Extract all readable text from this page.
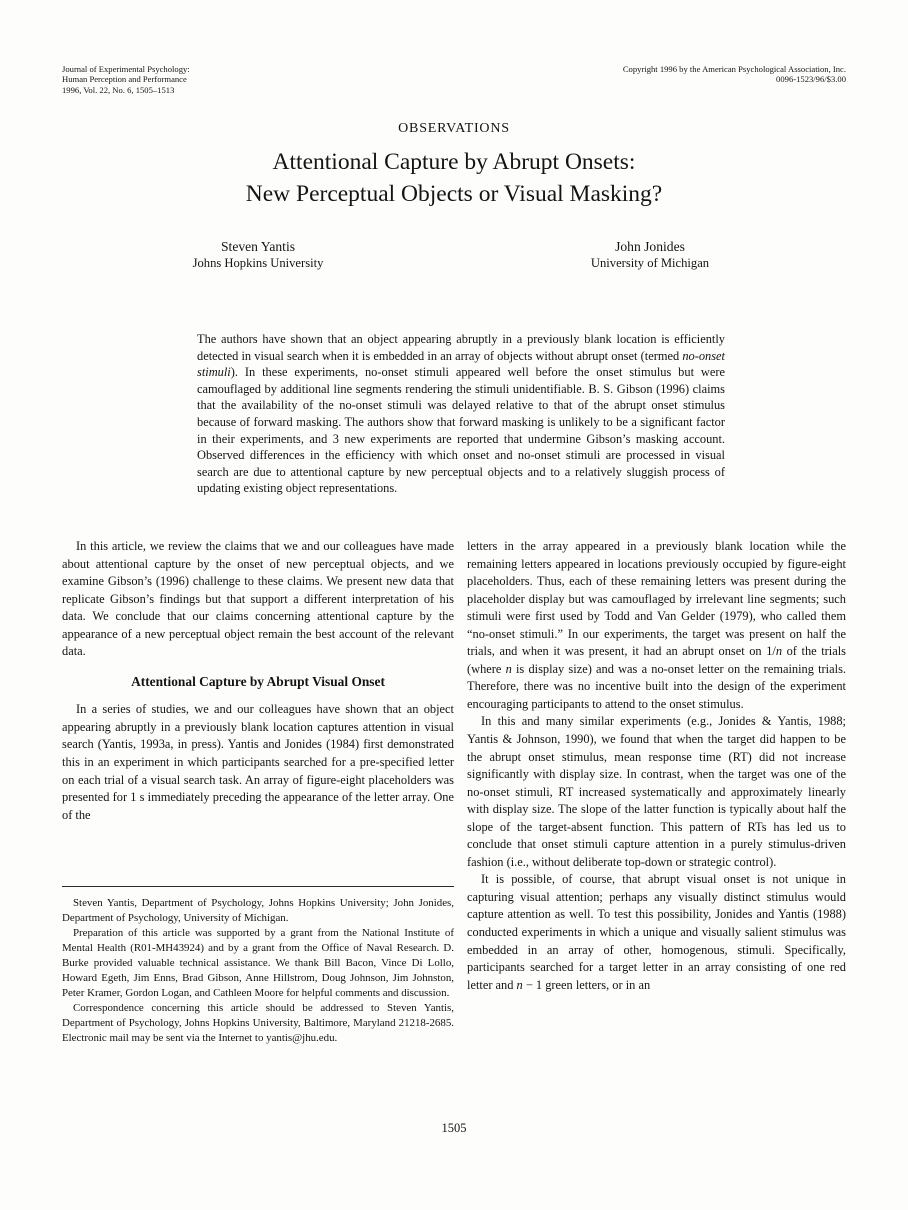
Journal of Experimental Psychology:
Human Perception and Performance
1996, Vol. 22, No. 6, 1505–1513
Copyright 1996 by the American Psychological Association, Inc.
0096-1523/96/$3.00
OBSERVATIONS
Attentional Capture by Abrupt Onsets:
New Perceptual Objects or Visual Masking?
Steven Yantis
Johns Hopkins University
John Jonides
University of Michigan
The authors have shown that an object appearing abruptly in a previously blank location is efficiently detected in visual search when it is embedded in an array of objects without abrupt onset (termed no-onset stimuli). In these experiments, no-onset stimuli appeared well before the onset stimulus but were camouflaged by additional line segments rendering the stimuli unidentifiable. B. S. Gibson (1996) claims that the availability of the no-onset stimuli was delayed relative to that of the abrupt onset stimulus because of forward masking. The authors show that forward masking is unlikely to be a significant factor in their experiments, and 3 new experiments are reported that undermine Gibson’s masking account. Observed differences in the efficiency with which onset and no-onset stimuli are processed in visual search are due to attentional capture by new perceptual objects and to a relatively sluggish process of updating existing object representations.

In this article, we review the claims that we and our colleagues have made about attentional capture by the onset of new perceptual objects, and we examine Gibson’s (1996) challenge to these claims. We present new data that replicate Gibson’s findings but that support a different interpretation of his data. We conclude that our claims concerning attentional capture by the appearance of a new perceptual object remain the best account of the relevant data.

Attentional Capture by Abrupt Visual Onset

In a series of studies, we and our colleagues have shown that an object appearing abruptly in a previously blank location captures attention in visual search (Yantis, 1993a, in press). Yantis and Jonides (1984) first demonstrated this in an experiment in which participants searched for a pre-specified letter on each trial of a visual search task. An array of figure-eight placeholders was presented for 1 s immediately preceding the appearance of the letter array. One of the

letters in the array appeared in a previously blank location while the remaining letters appeared in locations previously occupied by figure-eight placeholders. Thus, each of these remaining letters was present during the placeholder display but was camouflaged by irrelevant line segments; such stimuli were first used by Todd and Van Gelder (1979), who called them “no-onset stimuli.” In our experiments, the target was present on half the trials, and when it was present, it had an abrupt onset on 1/n of the trials (where n is display size) and was a no-onset letter on the remaining trials. Therefore, there was no incentive built into the design of the experiment encouraging participants to attend to the onset stimulus.

In this and many similar experiments (e.g., Jonides & Yantis, 1988; Yantis & Johnson, 1990), we found that when the target did happen to be the abrupt onset stimulus, mean response time (RT) did not increase significantly with display size. In contrast, when the target was one of the no-onset stimuli, RT increased systematically and approximately linearly with display size. The slope of the latter function is typically about half the slope of the target-absent function. This pattern of RTs has led us to conclude that onset stimuli capture attention in a purely stimulus-driven fashion (i.e., without deliberate top-down or strategic control).

It is possible, of course, that abrupt visual onset is not unique in capturing visual attention; perhaps any visually distinct stimulus would capture attention as well. To test this possibility, Jonides and Yantis (1988) conducted experiments in which a unique and visually salient stimulus was embedded in an array of other, homogenous, stimuli. Specifically, participants searched for a target letter in an array consisting of one red letter and n − 1 green letters, or in an

Steven Yantis, Department of Psychology, Johns Hopkins University; John Jonides, Department of Psychology, University of Michigan.

Preparation of this article was supported by a grant from the National Institute of Mental Health (R01-MH43924) and by a grant from the Office of Naval Research. D. Burke provided valuable technical assistance. We thank Bill Bacon, Vince Di Lollo, Howard Egeth, Jim Enns, Brad Gibson, Anne Hillstrom, Doug Johnson, Jim Johnston, Peter Kramer, Gordon Logan, and Cathleen Moore for helpful comments and discussion.

Correspondence concerning this article should be addressed to Steven Yantis, Department of Psychology, Johns Hopkins University, Baltimore, Maryland 21218-2685. Electronic mail may be sent via the Internet to yantis@jhu.edu.

1505
